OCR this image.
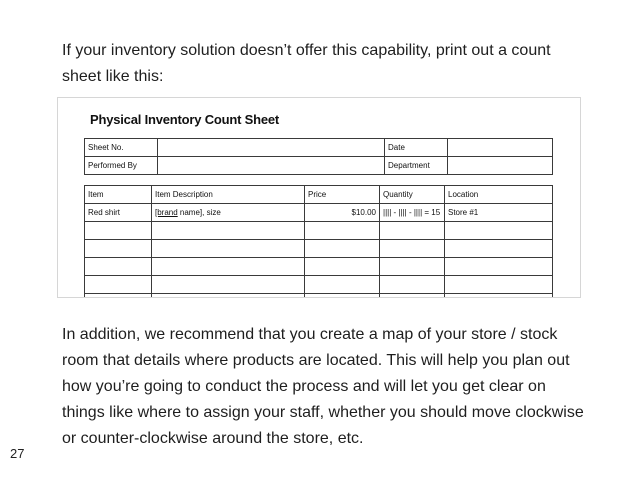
If your inventory solution doesn’t offer this capability, print out a count sheet like this:

Physical Inventory Count Sheet

Sheet No.		Date	
Performed By		Department	
Item	Item Description	Price	Quantity	Location
Red shirt	[brand name], size	$10.00	|||| - |||| - |||| = 15	Store #1

In addition, we recommend that you create a map of your store / stock room that details where products are located. This will help you plan out how you’re going to conduct the process and will let you get clear on things like where to assign your staff, whether you should move clockwise or counter-clockwise around the store, etc.

27
